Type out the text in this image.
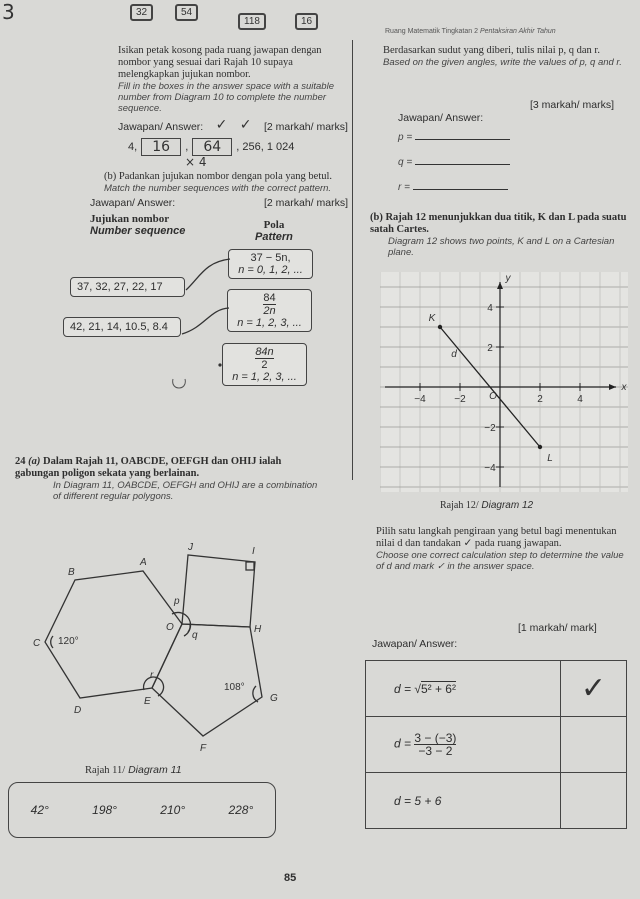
3	32	54
118	16
Ruang Matematik Tingkatan 2 Pentaksiran Akhir Tahun
Isikan petak kosong pada ruang jawapan dengan nombor yang sesuai dari Rajah 10 supaya melengkapkan jujukan nombor.
Fill in the boxes in the answer space with a suitable number from Diagram 10 to complete the number sequence.
Jawapan/ Answer: ✓ ✓ [2 markah/ marks]
4,	16	,	64	, 256, 1 024
× 4
(b) Padankan jujukan nombor dengan pola yang betul.
Match the number sequences with the correct pattern.
Jawapan/ Answer:	[2 markah/ marks]
Jujukan nombor
Number sequence	Pola
Pattern
37, 32, 27, 22, 17
42, 21, 14, 10.5, 8.4
37 − 5n,
n = 0, 1, 2, ...
$\frac{84}{2n}$
n = 1, 2, 3, ...
$\frac{84n}{2}$
n = 1, 2, 3, ...
Berdasarkan sudut yang diberi, tulis nilai p, q dan r.
Based on the given angles, write the values of p, q and r.
[3 markah/ marks]
Jawapan/ Answer:
p =
q =
r =
(b) Rajah 12 menunjukkan dua titik, K dan L pada suatu satah Cartes.
Diagram 12 shows two points, K and L on a Cartesian plane.
x
y
−4	−2	2	4
4
2
−2
−4
O
K
L
d
Rajah 12/ Diagram 12
Pilih satu langkah pengiraan yang betul bagi menentukan nilai d dan tandakan ✓ pada ruang jawapan.
Choose one correct calculation step to determine the value of d and mark ✓ in the answer space.
[1 markah/ mark]
Jawapan/ Answer:
d = √5² + 6²	✓
$d = \frac{3 - (-3)}{-3 - 2}$

d = 5 + 6	
24 (a) Dalam Rajah 11, OABCDE, OEFGH dan OHIJ ialah gabungan poligon sekata yang berlainan.
In Diagram 11, OABCDE, OEFGH and OHIJ are a combination of different regular polygons.
A
B
C
D
E
F
G
H
I
J
O
p
q
r
120°
108°
Rajah 11/ Diagram 11
42°	198°	210°	228°
85
